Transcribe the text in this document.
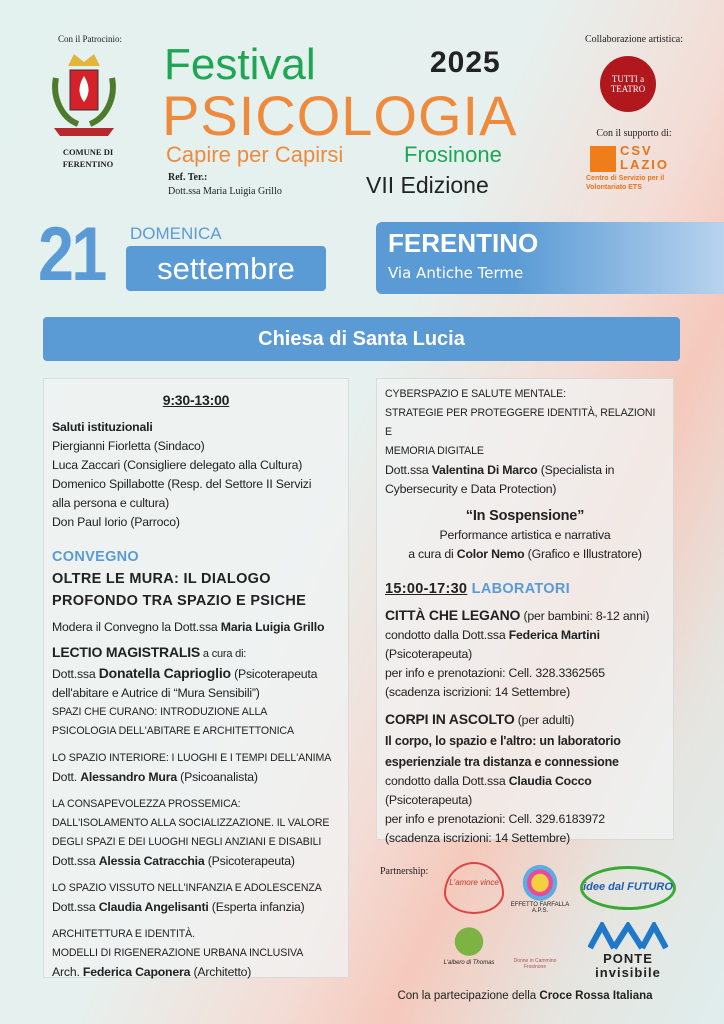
Con il Patrocinio:
COMUNE DI FERENTINO
Festival
PSICOLOGIA
2025
Capire per Capirsi	Frosinone
Ref. Ter.:
Dott.ssa Maria Luigia Grillo	VII Edizione
Collaborazione artistica:
TUTTI a TEATRO
Con il supporto di:
CSV LAZIO
Centro di Servizio per il Volontariato ETS
21 DOMENICA
settembre
FERENTINO
Via Antiche Terme
Chiesa di Santa Lucia

9:30-13:00

Saluti istituzionali

Piergianni Fiorletta (Sindaco)

Luca Zaccari (Consigliere delegato alla Cultura)

Domenico Spillabotte (Resp. del Settore II Servizi

alla persona e cultura)

Don Paul Iorio (Parroco)

CONVEGNO

OLTRE LE MURA: IL DIALOGO

PROFONDO TRA SPAZIO E PSICHE

Modera il Convegno la Dott.ssa Maria Luigia Grillo

LECTIO MAGISTRALIS a cura di:

Dott.ssa Donatella Caprioglio (Psicoterapeuta

dell'abitare e Autrice di “Mura Sensibili”)

SPAZI CHE CURANO: INTRODUZIONE ALLA

PSICOLOGIA DELL'ABITARE E ARCHITETTONICA

LO SPAZIO INTERIORE: I LUOGHI E I TEMPI DELL'ANIMA

Dott. Alessandro Mura (Psicoanalista)

LA CONSAPEVOLEZZA PROSSEMICA:

DALL'ISOLAMENTO ALLA SOCIALIZZAZIONE. IL VALORE

DEGLI SPAZI E DEI LUOGHI NEGLI ANZIANI E DISABILI

Dott.ssa Alessia Catracchia (Psicoterapeuta)

LO SPAZIO VISSUTO NELL'INFANZIA E ADOLESCENZA

Dott.ssa Claudia Angelisanti (Esperta infanzia)

ARCHITETTURA E IDENTITÀ.

MODELLI DI RIGENERAZIONE URBANA INCLUSIVA

Arch. Federica Caponera (Architetto)

CYBERSPAZIO E SALUTE MENTALE:

STRATEGIE PER PROTEGGERE IDENTITÀ, RELAZIONI E

MEMORIA DIGITALE

Dott.ssa Valentina Di Marco (Specialista in

Cybersecurity e Data Protection)

“In Sospensione”

Performance artistica e narrativa

a cura di Color Nemo (Grafico e Illustratore)

15:00-17:30 LABORATORI

CITTÀ CHE LEGANO (per bambini: 8-12 anni)

condotto dalla Dott.ssa Federica Martini

(Psicoterapeuta)

per info e prenotazioni: Cell. 328.3362565

(scadenza iscrizioni: 14 Settembre)

CORPI IN ASCOLTO (per adulti)

Il corpo, lo spazio e l'altro: un laboratorio

esperienziale tra distanza e connessione

condotto dalla Dott.ssa Claudia Cocco

(Psicoterapeuta)

per info e prenotazioni: Cell. 329.6183972

(scadenza iscrizioni: 14 Settembre)

Partnership:
L'amore vince
EFFETTO FARFALLA A.P.S.
idee dal FUTURO
L'albero di Thomas	Donne in Cammino Frosinone
PONTE invisibile
Con la partecipazione della Croce Rossa Italiana
